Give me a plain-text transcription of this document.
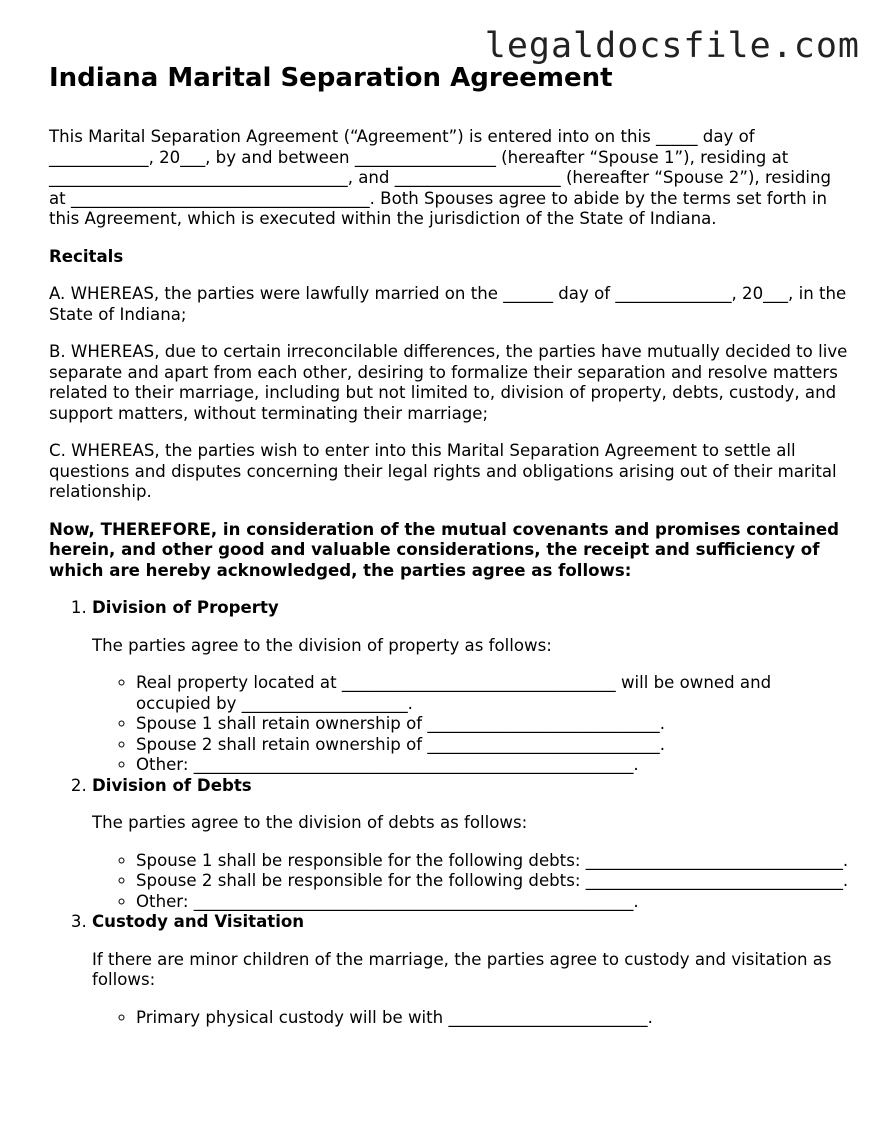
legaldocsfile.com
Indiana Marital Separation Agreement

This Marital Separation Agreement (“Agreement”) is entered into on this _____ day of ____________, 20___, by and between _________________ (hereafter “Spouse 1”), residing at ____________________________________, and ____________________ (hereafter “Spouse 2”), residing at ____________________________________. Both Spouses agree to abide by the terms set forth in this Agreement, which is executed within the jurisdiction of the State of Indiana.

Recitals

A. WHEREAS, the parties were lawfully married on the ______ day of ______________, 20___, in the State of Indiana;

B. WHEREAS, due to certain irreconcilable differences, the parties have mutually decided to live separate and apart from each other, desiring to formalize their separation and resolve matters related to their marriage, including but not limited to, division of property, debts, custody, and support matters, without terminating their marriage;

C. WHEREAS, the parties wish to enter into this Marital Separation Agreement to settle all questions and disputes concerning their legal rights and obligations arising out of their marital relationship.

Now, THEREFORE, in consideration of the mutual covenants and promises contained herein, and other good and valuable considerations, the receipt and sufficiency of which are hereby acknowledged, the parties agree as follows:

1. Division of Property
The parties agree to the division of property as follows:
◦ Real property located at _________________________________ will be owned and occupied by ____________________.
◦ Spouse 1 shall retain ownership of ____________________________.
◦ Spouse 2 shall retain ownership of ____________________________.
◦ Other: _____________________________________________________.
2. Division of Debts
The parties agree to the division of debts as follows:
◦ Spouse 1 shall be responsible for the following debts: _______________________________.
◦ Spouse 2 shall be responsible for the following debts: _______________________________.
◦ Other: _____________________________________________________.
3. Custody and Visitation
If there are minor children of the marriage, the parties agree to custody and visitation as follows:
◦ Primary physical custody will be with ________________________.
